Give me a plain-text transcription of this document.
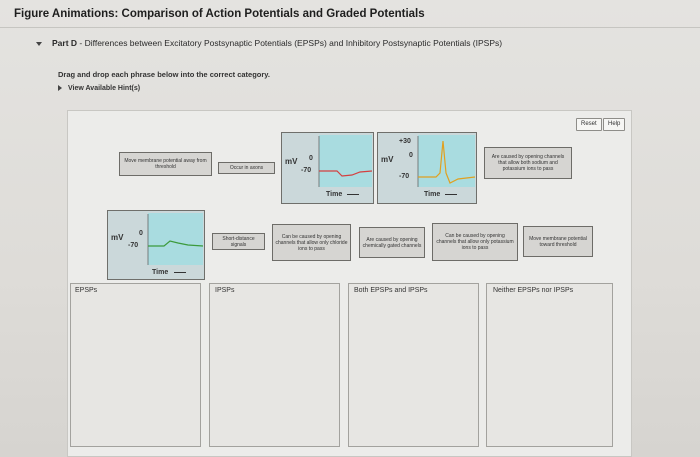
Figure Animations: Comparison of Action Potentials and Graded Potentials
Part D - Differences between Excitatory Postsynaptic Potentials (EPSPs) and Inhibitory Postsynaptic Potentials (IPSPs)
Drag and drop each phrase below into the correct category.
View Available Hint(s)
Reset	Help
Move membrane potential away from threshold	Occur in axons
mV 0
-70
Time
+30
mV 0
-70
Time
Are caused by opening channels that allow both sodium and potassium ions to pass
mV 0
-70
Time
Short-distance signals
Can be caused by opening channels that allow only chloride ions to pass
Are caused by opening chemically gated channels
Can be caused by opening channels that allow only potassium ions to pass
Move membrane potential toward threshold
EPSPs	IPSPs	Both EPSPs and IPSPs	Neither EPSPs nor IPSPs
